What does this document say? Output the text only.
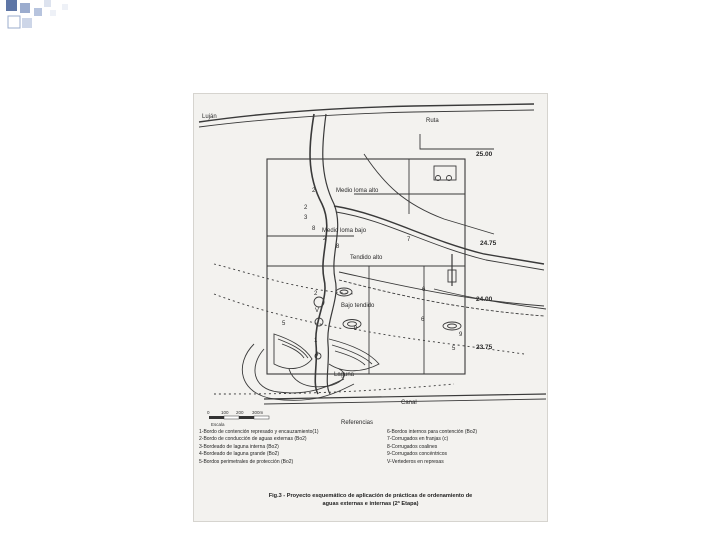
Luján
Ruta
Laguna
Canal
Medio loma alto
Medio loma bajo
Tendido alto
Bajo tendido
25.00
24.75
24.00
23.75
2
2
3
8
2
8
7
6
2
9
5
6
9
5
1
4
V
0	100 200 300m
Escala	Referencias
1-Bordo de contención represado y encauzamiento(1)
2-Bordo de conducción de aguas externas (Bo2)
3-Bordeado de laguna interna (Bo2)
4-Bordeado de laguna grande (Bo2)
5-Bordos perimetrales de protección (Bo2)
6-Bordos internos para contención (Bo2)
7-Corrugados en franjas (c)
8-Corrugados coalines
9-Corrugados concéntricos
V-Vertederos en represas
Fig.3 - Proyecto esquemático de aplicación de prácticas de ordenamiento de
aguas externas e internas (2ª Etapa)
